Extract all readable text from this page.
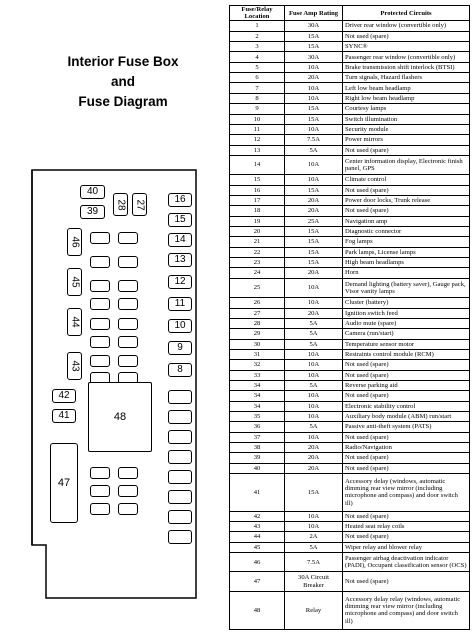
Interior Fuse Box
and
Fuse Diagram
40
39
28 27	16
15
14
13
12
11
10
9
8
46
45
44
43
42
41	48
47
Fuse/Relay Location	Fuse Amp Rating	Protected Circuits
1	30A	Driver rear window (convertible only)
2	15A	Not used (spare)
3	15A	SYNC®
4	30A	Passenger rear window (convertible only)
5	10A	Brake transmission shift interlock (BTSI)
6	20A	Turn signals, Hazard flashers
7	10A	Left low beam headlamp
8	10A	Right low beam headlamp
9	15A	Courtesy lamps
10	15A	Switch illumination
11	10A	Security module
12	7.5A	Power mirrors
13	5A	Not used (spare)
14	10A	Center information display, Electronic finish panel, GPS
15	10A	Climate control
16	15A	Not used (spare)
17	20A	Power door locks, Trunk release
18	20A	Not used (spare)
19	25A	Navigation amp
20	15A	Diagnostic connector
21	15A	Fog lamps
22	15A	Park lamps, License lamps
23	15A	High beam headlamps
24	20A	Horn
25	10A	Demand lighting (battery saver), Gauge pack, Visor vanity lamps
26	10A	Cluster (battery)
27	20A	Ignition switch feed
28	5A	Audio mute (spare)
29	5A	Camera (run/start)
30	5A	Temperature sensor motor
31	10A	Restraints control module (RCM)
32	10A	Not used (spare)
33	10A	Not used (spare)
34	5A	Reverse parking aid
34	10A	Not used (spare)
34	10A	Electronic stability control
35	10A	Auxiliary body module (ABM) run/start
36	5A	Passive anti-theft system (PATS)
37	10A	Not used (spare)
38	20A	Radio/Navigation
39	20A	Not used (spare)
40	20A	Not used (spare)
41	15A	Accessory delay (windows, automatic dimming rear view mirror (including microphone and compass) and door switch ill)
42	10A	Not used (spare)
43	10A	Heated seat relay coils
44	2A	Not used (spare)
45	5A	Wiper relay and blower relay
46	7.5A	Passenger airbag deactivation indicator (PADI), Occupant classification sensor (OCS)
47	30A Circuit Breaker	Not used (spare)
48	Relay	Accessory delay relay (windows, automatic dimming rear view mirror (including microphone and compass) and door switch ill)
